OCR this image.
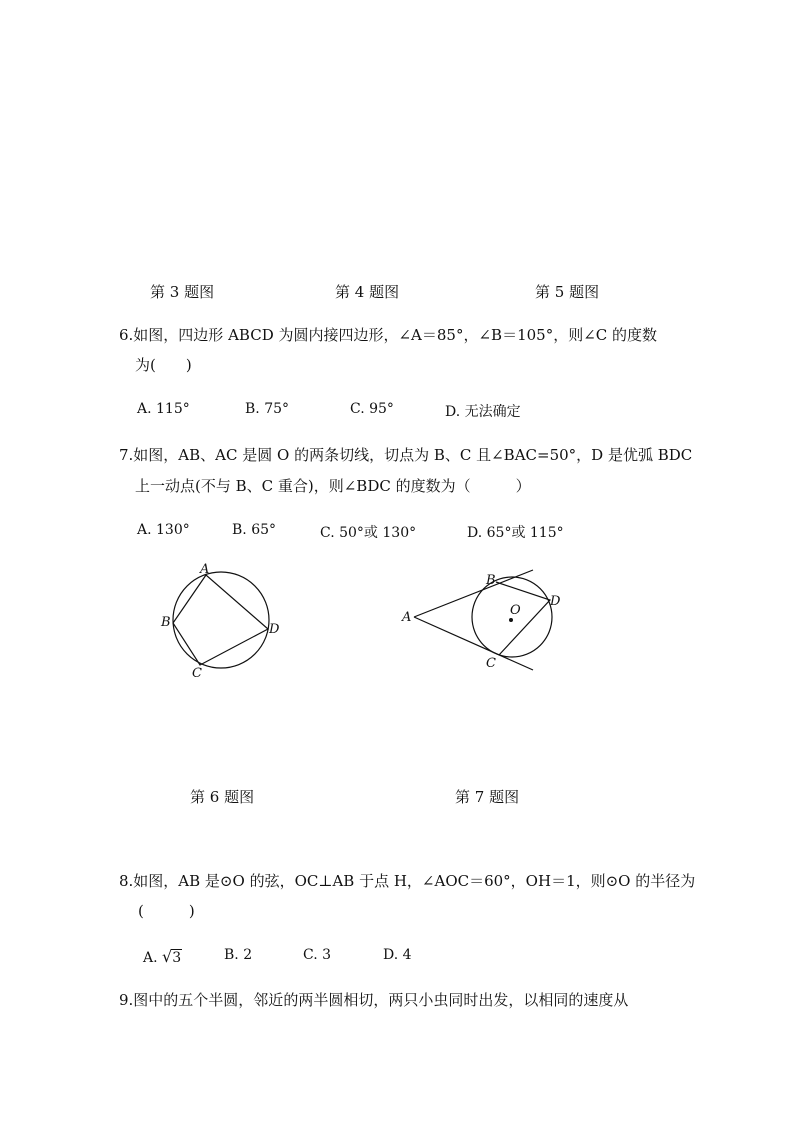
第 3 题图	第 4 题图	第 5 题图
6.如图，四边形 ABCD 为圆内接四边形，∠A＝85°，∠B＝105°，则∠C 的度数
为(　　)
A. 115°	B. 75°	C. 95°	D. 无法确定
7.如图，AB、AC 是圆 O 的两条切线，切点为 B、C 且∠BAC=50°，D 是优弧 BDC
上一动点(不与 B、C 重合)，则∠BDC 的度数为（　　　）
A. 130°	B. 65°	C. 50°或 130°	D. 65°或 115°
A
B
C
D
A
B
C
D
O
第 6 题图	第 7 题图
8.如图，AB 是⊙O 的弦，OC⊥AB 于点 H，∠AOC＝60°，OH＝1，则⊙O 的半径为
(　　　)
A. √3	B. 2	C. 3	D. 4
9.图中的五个半圆，邻近的两半圆相切，两只小虫同时出发，以相同的速度从
